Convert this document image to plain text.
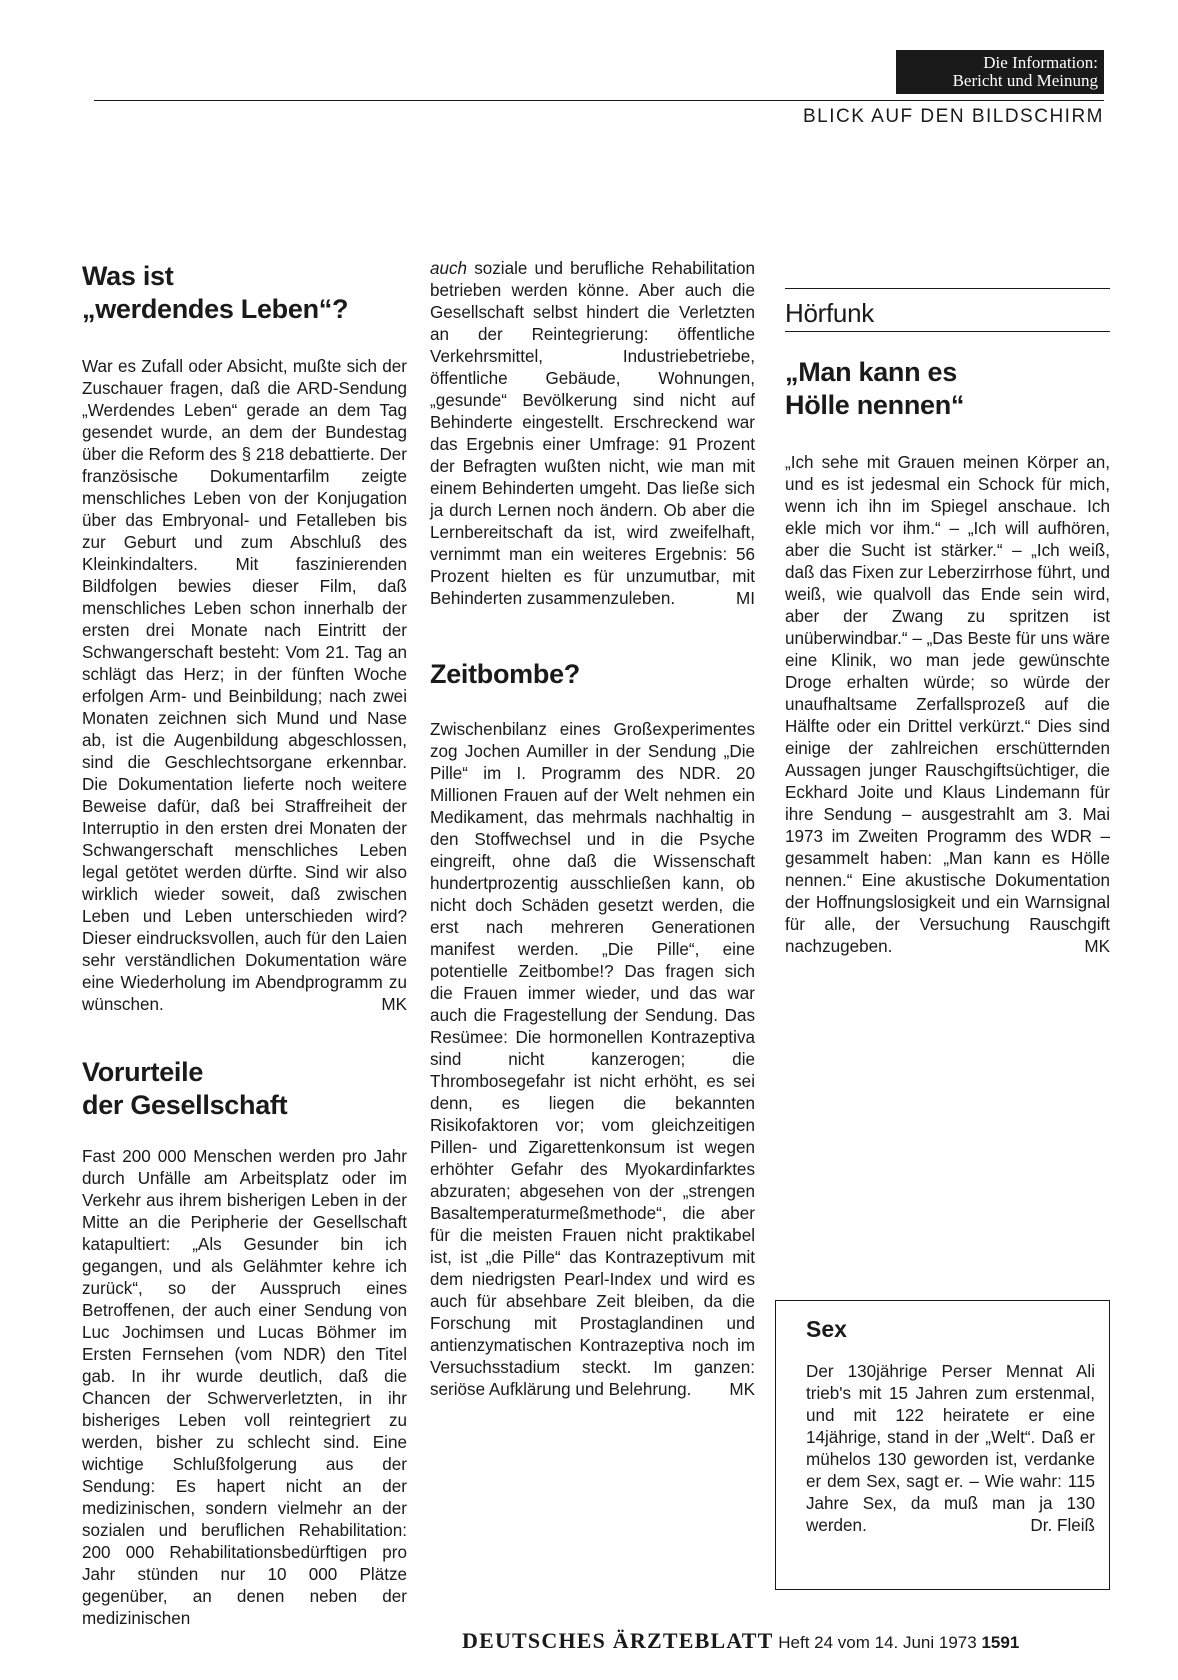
Die Information:
Bericht und Meinung
BLICK AUF DEN BILDSCHIRM
Was ist
„werdendes Leben“?

War es Zufall oder Absicht, mußte sich der Zuschauer fragen, daß die ARD-Sendung „Werdendes Leben“ gerade an dem Tag gesendet wurde, an dem der Bundestag über die Reform des § 218 debattierte. Der französische Dokumentarfilm zeigte menschliches Leben von der Konjugation über das Embryonal- und Fetalleben bis zur Geburt und zum Abschluß des Kleinkindalters. Mit faszinierenden Bildfolgen bewies dieser Film, daß menschliches Leben schon innerhalb der ersten drei Monate nach Eintritt der Schwangerschaft besteht: Vom 21. Tag an schlägt das Herz; in der fünften Woche erfolgen Arm- und Beinbildung; nach zwei Monaten zeichnen sich Mund und Nase ab, ist die Augenbildung abgeschlossen, sind die Geschlechtsorgane erkennbar. Die Dokumentation lieferte noch weitere Beweise dafür, daß bei Straffreiheit der Interruptio in den ersten drei Monaten der Schwangerschaft menschliches Leben legal getötet werden dürfte. Sind wir also wirklich wieder soweit, daß zwischen Leben und Leben unterschieden wird? Dieser eindrucksvollen, auch für den Laien sehr verständlichen Dokumentation wäre eine Wiederholung im Abendprogramm zu wünschen.	MK

Vorurteile
der Gesellschaft

Fast 200 000 Menschen werden pro Jahr durch Unfälle am Arbeitsplatz oder im Verkehr aus ihrem bisherigen Leben in der Mitte an die Peripherie der Gesellschaft katapultiert: „Als Gesunder bin ich gegangen, und als Gelähmter kehre ich zurück“, so der Ausspruch eines Betroffenen, der auch einer Sendung von Luc Jochimsen und Lucas Böhmer im Ersten Fernsehen (vom NDR) den Titel gab. In ihr wurde deutlich, daß die Chancen der Schwerverletzten, in ihr bisheriges Leben voll reintegriert zu werden, bisher zu schlecht sind. Eine wichtige Schlußfolgerung aus der Sendung: Es hapert nicht an der medizinischen, sondern vielmehr an der sozialen und beruflichen Rehabilitation: 200 000 Rehabilitationsbedürftigen pro Jahr stünden nur 10 000 Plätze gegenüber, an denen neben der medizinischen

auch soziale und berufliche Rehabilitation betrieben werden könne. Aber auch die Gesellschaft selbst hindert die Verletzten an der Reintegrierung: öffentliche Verkehrsmittel, Industriebetriebe, öffentliche Gebäude, Wohnungen, „gesunde“ Bevölkerung sind nicht auf Behinderte eingestellt. Erschreckend war das Ergebnis einer Umfrage: 91 Prozent der Befragten wußten nicht, wie man mit einem Behinderten umgeht. Das ließe sich ja durch Lernen noch ändern. Ob aber die Lernbereitschaft da ist, wird zweifelhaft, vernimmt man ein weiteres Ergebnis: 56 Prozent hielten es für unzumutbar, mit Behinderten zusammenzuleben.	MI

Zeitbombe?

Zwischenbilanz eines Großexperimentes zog Jochen Aumiller in der Sendung „Die Pille“ im I. Programm des NDR. 20 Millionen Frauen auf der Welt nehmen ein Medikament, das mehrmals nachhaltig in den Stoffwechsel und in die Psyche eingreift, ohne daß die Wissenschaft hundertprozentig ausschließen kann, ob nicht doch Schäden gesetzt werden, die erst nach mehreren Generationen manifest werden. „Die Pille“, eine potentielle Zeitbombe!? Das fragen sich die Frauen immer wieder, und das war auch die Fragestellung der Sendung. Das Resümee: Die hormonellen Kontrazeptiva sind nicht kanzerogen; die Thrombosegefahr ist nicht erhöht, es sei denn, es liegen die bekannten Risikofaktoren vor; vom gleichzeitigen Pillen- und Zigarettenkonsum ist wegen erhöhter Gefahr des Myokardinfarktes abzuraten; abgesehen von der „strengen Basaltemperaturmeßmethode“, die aber für die meisten Frauen nicht praktikabel ist, ist „die Pille“ das Kontrazeptivum mit dem niedrigsten Pearl-Index und wird es auch für absehbare Zeit bleiben, da die Forschung mit Prostaglandinen und antienzymatischen Kontrazeptiva noch im Versuchsstadium steckt. Im ganzen: seriöse Aufklärung und Belehrung. MK

Hörfunk
„Man kann es
Hölle nennen“

„Ich sehe mit Grauen meinen Körper an, und es ist jedesmal ein Schock für mich, wenn ich ihn im Spiegel anschaue. Ich ekle mich vor ihm.“ – „Ich will aufhören, aber die Sucht ist stärker.“ – „Ich weiß, daß das Fixen zur Leberzirrhose führt, und weiß, wie qualvoll das Ende sein wird, aber der Zwang zu spritzen ist unüberwindbar.“ – „Das Beste für uns wäre eine Klinik, wo man jede gewünschte Droge erhalten würde; so würde der unaufhaltsame Zerfallsprozeß auf die Hälfte oder ein Drittel verkürzt.“ Dies sind einige der zahlreichen erschütternden Aussagen junger Rauschgiftsüchtiger, die Eckhard Joite und Klaus Lindemann für ihre Sendung – ausgestrahlt am 3. Mai 1973 im Zweiten Programm des WDR – gesammelt haben: „Man kann es Hölle nennen.“ Eine akustische Dokumentation der Hoffnungslosigkeit und ein Warnsignal für alle, der Versuchung Rauschgift nachzugeben.	MK

Sex

Der 130jährige Perser Mennat Ali trieb's mit 15 Jahren zum erstenmal, und mit 122 heiratete er eine 14jährige, stand in der „Welt“. Daß er mühelos 130 geworden ist, verdanke er dem Sex, sagt er. – Wie wahr: 115 Jahre Sex, da muß man ja 130 werden.	Dr. Fleiß

DEUTSCHES ÄRZTEBLATT Heft 24 vom 14. Juni 1973 1591
